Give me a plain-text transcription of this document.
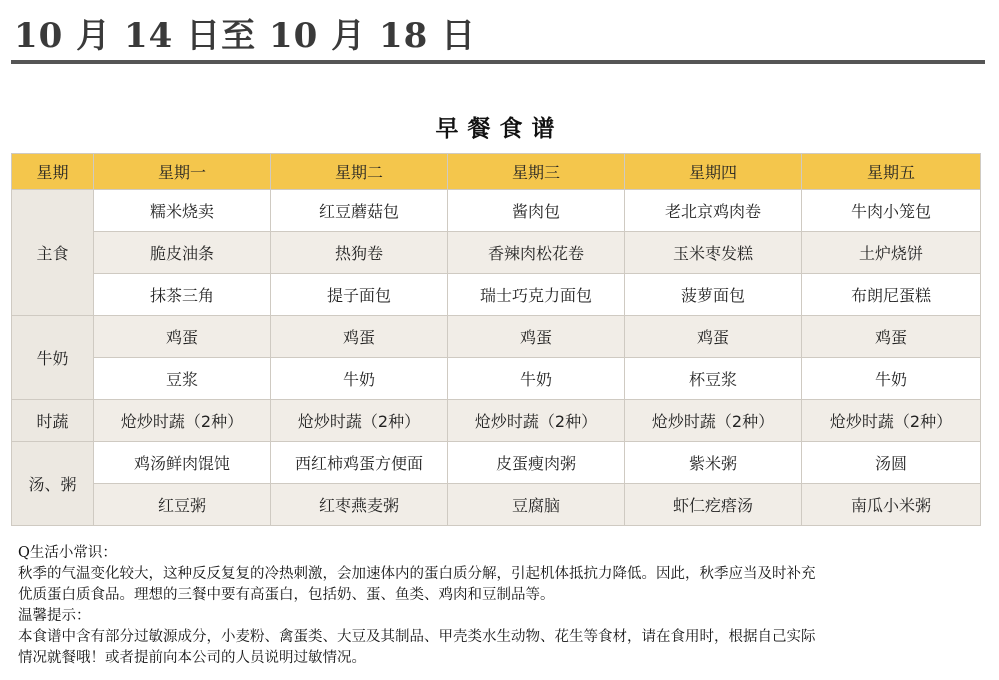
10 月 14 日至 10 月 18 日
早餐食谱
星期	星期一	星期二	星期三	星期四	星期五
主食	糯米烧卖	红豆蘑菇包	酱肉包	老北京鸡肉卷	牛肉小笼包
	脆皮油条	热狗卷	香辣肉松花卷	玉米枣发糕	土炉烧饼
	抹茶三角	提子面包	瑞士巧克力面包	菠萝面包	布朗尼蛋糕
牛奶	鸡蛋	鸡蛋	鸡蛋	鸡蛋	鸡蛋
	豆浆	牛奶	牛奶	杯豆浆	牛奶
时蔬	炝炒时蔬（2种）	炝炒时蔬（2种）	炝炒时蔬（2种）	炝炒时蔬（2种）	炝炒时蔬（2种）
汤、粥	鸡汤鲜肉馄饨	西红柿鸡蛋方便面	皮蛋瘦肉粥	紫米粥	汤圆
	红豆粥	红枣燕麦粥	豆腐脑	虾仁疙瘩汤	南瓜小米粥
Q生活小常识：
秋季的气温变化较大，这种反反复复的冷热刺激，会加速体内的蛋白质分解，引起机体抵抗力降低。因此，秋季应当及时补充
优质蛋白质食品。理想的三餐中要有高蛋白，包括奶、蛋、鱼类、鸡肉和豆制品等。
温馨提示：
本食谱中含有部分过敏源成分，小麦粉、禽蛋类、大豆及其制品、甲壳类水生动物、花生等食材，请在食用时，根据自己实际
情况就餐哦！或者提前向本公司的人员说明过敏情况。
